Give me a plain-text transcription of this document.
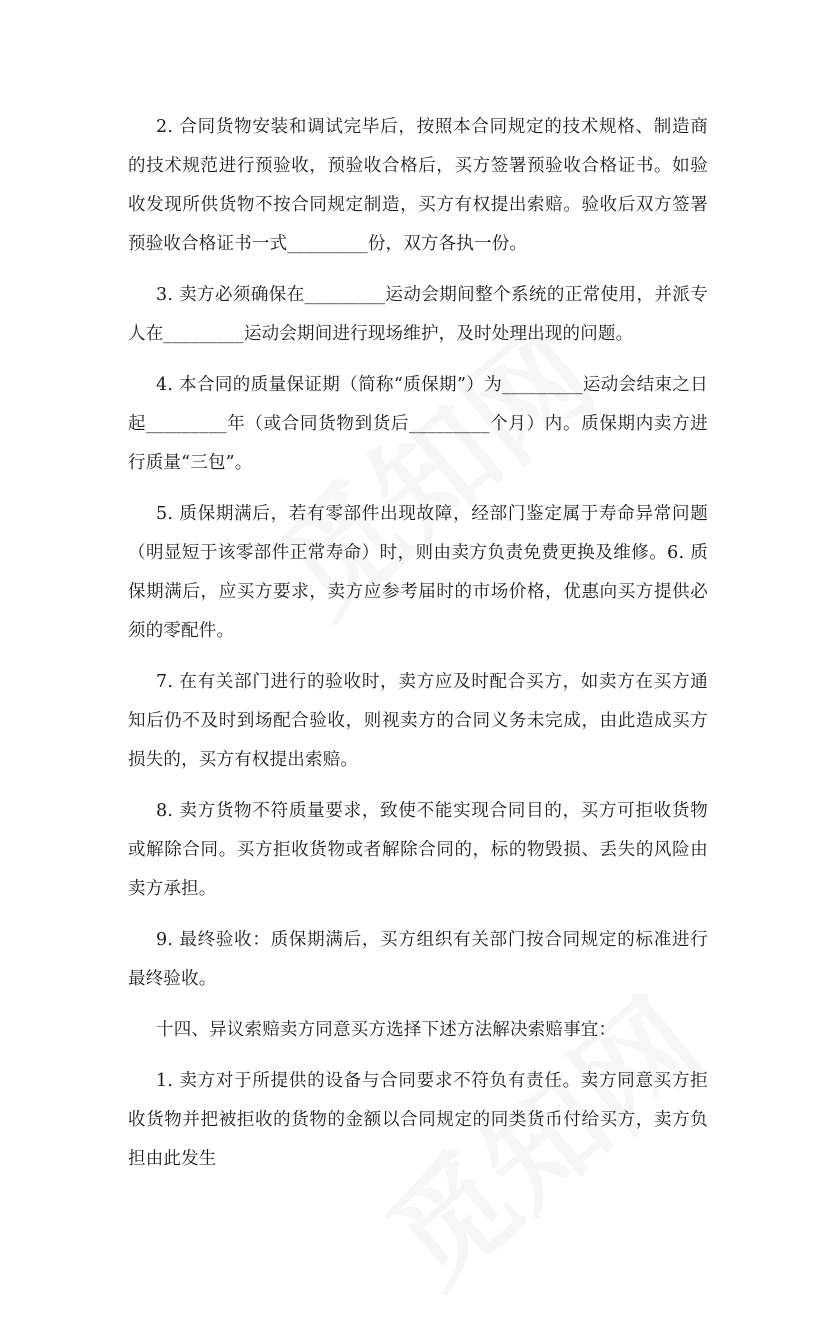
2. 合同货物安装和调试完毕后，按照本合同规定的技术规格、制造商的技术规范进行预验收，预验收合格后，买方签署预验收合格证书。如验收发现所供货物不按合同规定制造，买方有权提出索赔。验收后双方签署预验收合格证书一式_________份，双方各执一份。

3. 卖方必须确保在_________运动会期间整个系统的正常使用，并派专人在_________运动会期间进行现场维护，及时处理出现的问题。

4. 本合同的质量保证期（简称“质保期”）为_________运动会结束之日起_________年（或合同货物到货后_________个月）内。质保期内卖方进行质量“三包”。

5. 质保期满后，若有零部件出现故障，经部门鉴定属于寿命异常问题（明显短于该零部件正常寿命）时，则由卖方负责免费更换及维修。6. 质保期满后，应买方要求，卖方应参考届时的市场价格，优惠向买方提供必须的零配件。

7. 在有关部门进行的验收时，卖方应及时配合买方，如卖方在买方通知后仍不及时到场配合验收，则视卖方的合同义务未完成，由此造成买方损失的，买方有权提出索赔。

8. 卖方货物不符质量要求，致使不能实现合同目的，买方可拒收货物或解除合同。买方拒收货物或者解除合同的，标的物毁损、丢失的风险由卖方承担。

9. 最终验收：质保期满后，买方组织有关部门按合同规定的标准进行最终验收。

十四、异议索赔卖方同意买方选择下述方法解决索赔事宜：

1. 卖方对于所提供的设备与合同要求不符负有责任。卖方同意买方拒收货物并把被拒收的货物的金额以合同规定的同类货币付给买方，卖方负担由此发生
